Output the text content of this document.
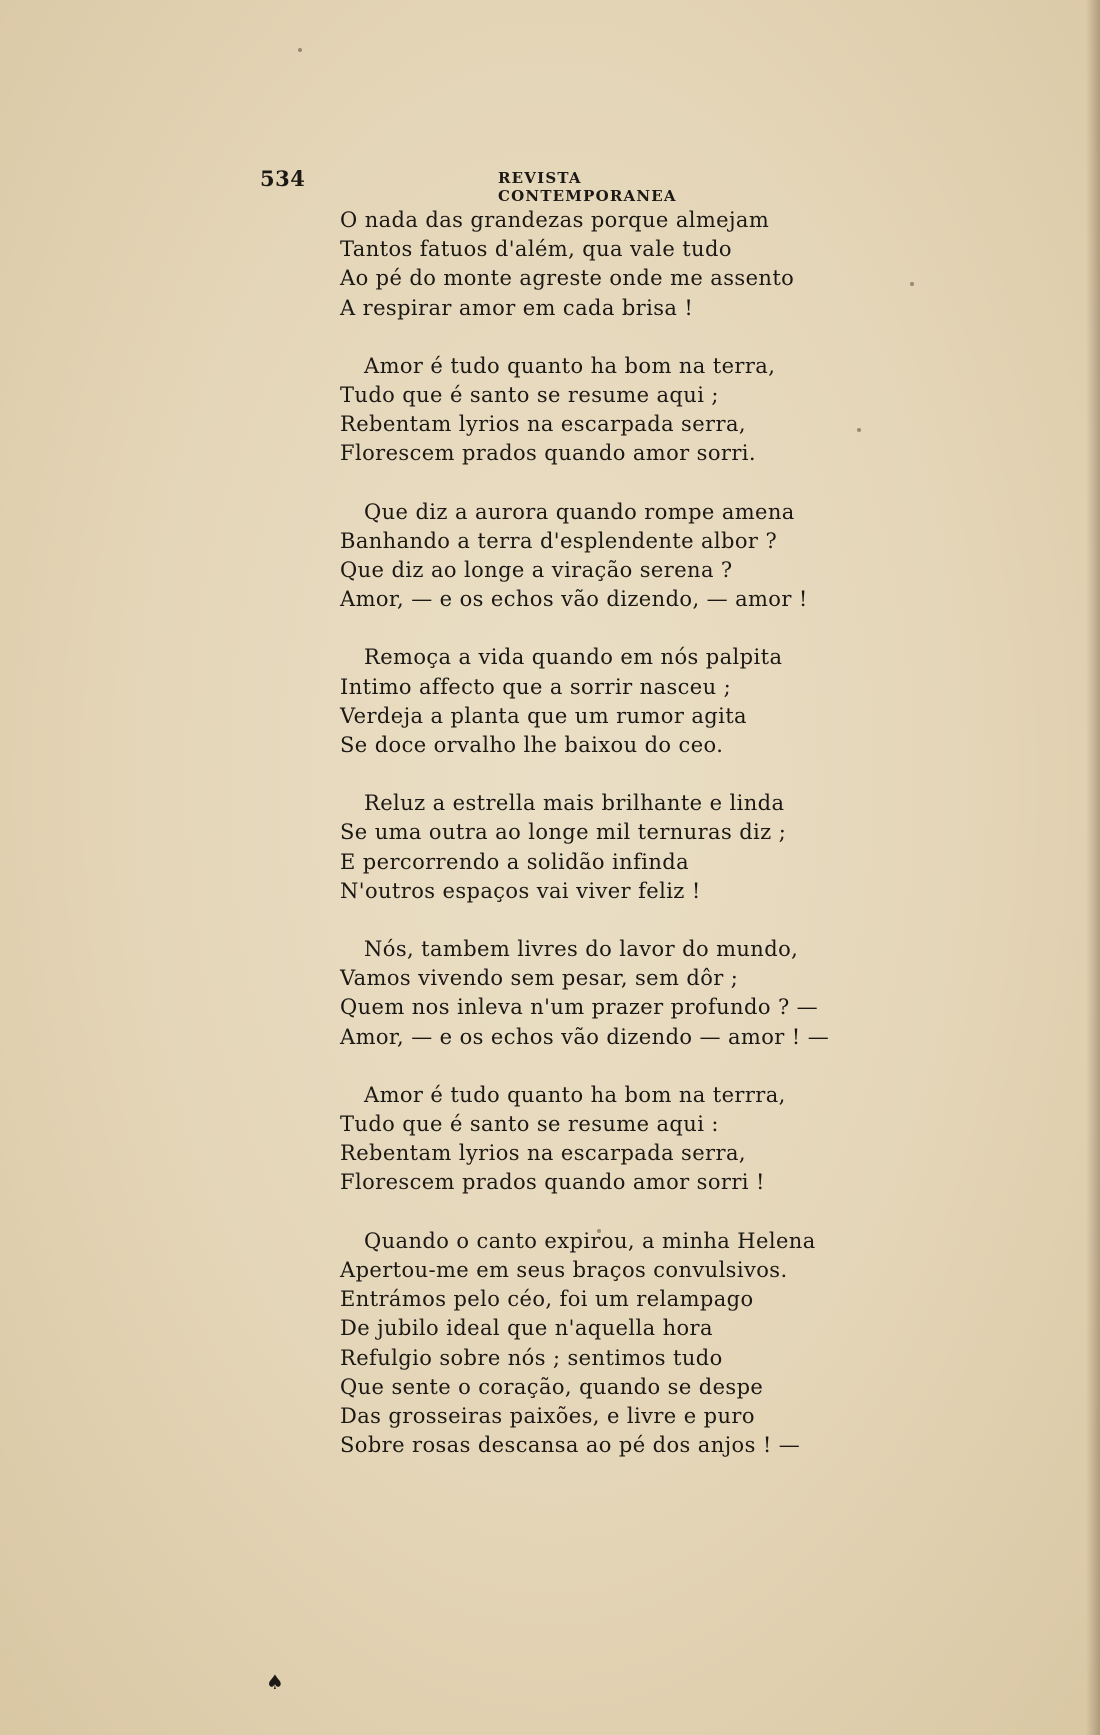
534	REVISTA CONTEMPORANEA
O nada das grandezas porque almejam
Tantos fatuos d'além, qua vale tudo
Ao pé do monte agreste onde me assento
A respirar amor em cada brisa !
Amor é tudo quanto ha bom na terra,
Tudo que é santo se resume aqui ;
Rebentam lyrios na escarpada serra,
Florescem prados quando amor sorri.
Que diz a aurora quando rompe amena
Banhando a terra d'esplendente albor ?
Que diz ao longe a viração serena ?
Amor, — e os echos vão dizendo, — amor !
Remoça a vida quando em nós palpita
Intimo affecto que a sorrir nasceu ;
Verdeja a planta que um rumor agita
Se doce orvalho lhe baixou do ceo.
Reluz a estrella mais brilhante e linda
Se uma outra ao longe mil ternuras diz ;
E percorrendo a solidão infinda
N'outros espaços vai viver feliz !
Nós, tambem livres do lavor do mundo,
Vamos vivendo sem pesar, sem dôr ;
Quem nos inleva n'um prazer profundo ? —
Amor, — e os echos vão dizendo — amor ! —
Amor é tudo quanto ha bom na terrra,
Tudo que é santo se resume aqui :
Rebentam lyrios na escarpada serra,
Florescem prados quando amor sorri !
Quando o canto expirou, a minha Helena
Apertou-me em seus braços convulsivos.
Entrámos pelo céo, foi um relampago
De jubilo ideal que n'aquella hora
Refulgio sobre nós ; sentimos tudo
Que sente o coração, quando se despe
Das grosseiras paixões, e livre e puro
Sobre rosas descansa ao pé dos anjos ! —
♠
